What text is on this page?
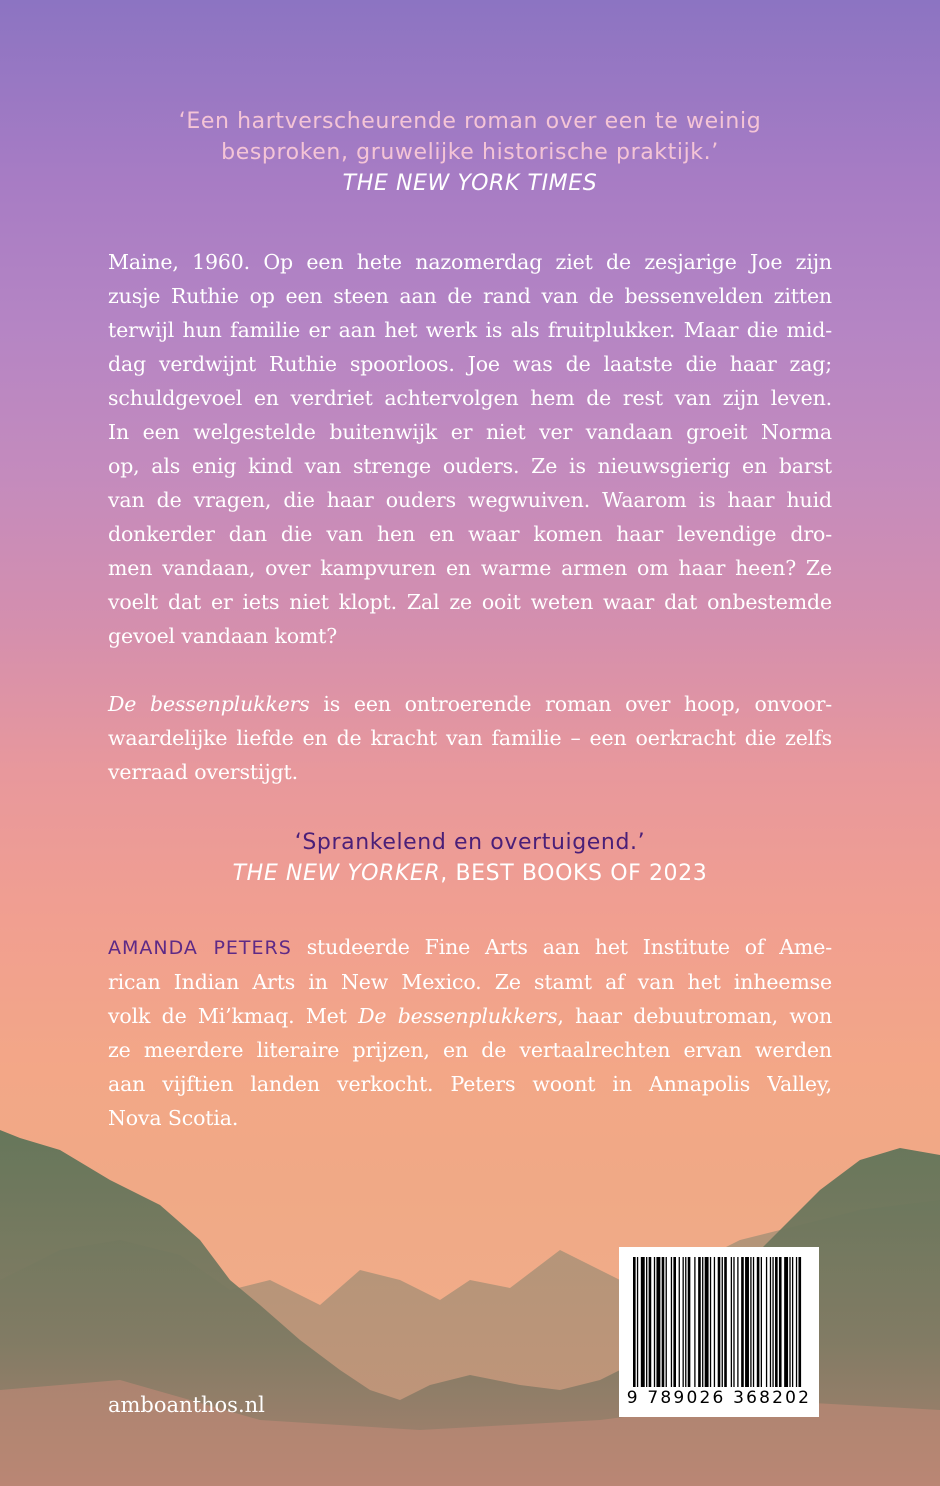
‘Een hartverscheurende roman over een te weinig
besproken, gruwelijke historische praktijk.’
THE NEW YORK TIMES

Maine, 1960. Op een hete nazomerdag ziet de zesjarige Joe zijn

zusje Ruthie op een steen aan de rand van de bessenvelden zitten

terwijl hun familie er aan het werk is als fruitplukker. Maar die mid-

dag verdwijnt Ruthie spoorloos. Joe was de laatste die haar zag;

schuldgevoel en verdriet achtervolgen hem de rest van zijn leven.

In een welgestelde buitenwijk er niet ver vandaan groeit Norma

op, als enig kind van strenge ouders. Ze is nieuwsgierig en barst

van de vragen, die haar ouders wegwuiven. Waarom is haar huid

donkerder dan die van hen en waar komen haar levendige dro-

men vandaan, over kampvuren en warme armen om haar heen? Ze

voelt dat er iets niet klopt. Zal ze ooit weten waar dat onbestemde

gevoel vandaan komt?

De bessenplukkers is een ontroerende roman over hoop, onvoor-

waardelijke liefde en de kracht van familie – een oerkracht die zelfs

verraad overstijgt.

‘Sprankelend en overtuigend.’
THE NEW YORKER, BEST BOOKS OF 2023

AMANDA PETERS studeerde Fine Arts aan het Institute of Ame-

rican Indian Arts in New Mexico. Ze stamt af van het inheemse

volk de Mi’kmaq. Met De bessenplukkers, haar debuutroman, won

ze meerdere literaire prijzen, en de vertaalrechten ervan werden

aan vijftien landen verkocht. Peters woont in Annapolis Valley,

Nova Scotia.

amboanthos.nl	9 789026 368202
